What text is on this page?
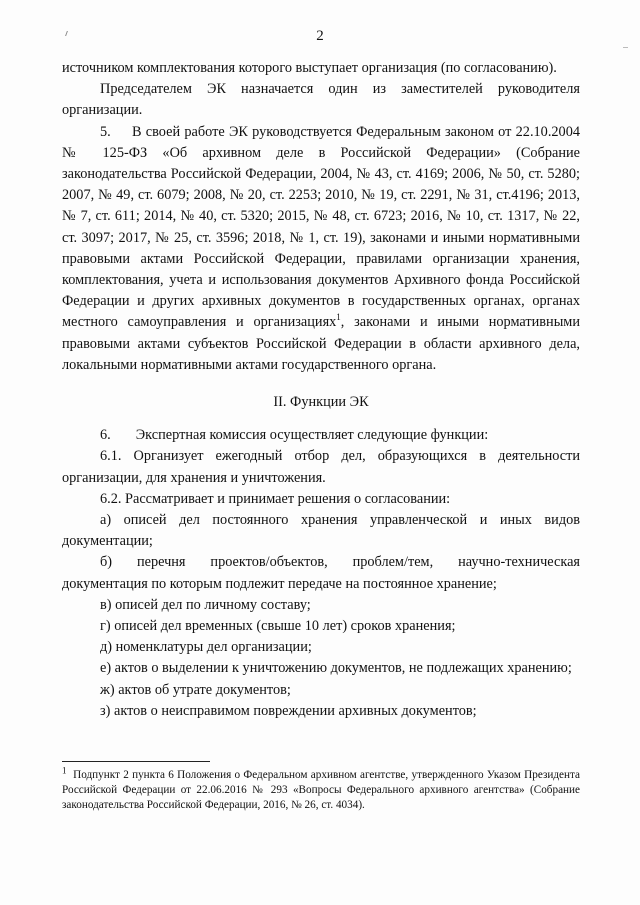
2

источником комплектования которого выступает организация (по согласованию).

Председателем ЭК назначается один из заместителей руководителя организации.

5.     В своей работе ЭК руководствуется Федеральным законом от 22.10.2004 № 125-ФЗ «Об архивном деле в Российской Федерации» (Собрание законодательства Российской Федерации, 2004, № 43, ст. 4169; 2006, № 50, ст. 5280; 2007, № 49, ст. 6079; 2008, № 20, ст. 2253; 2010, № 19, ст. 2291, № 31, ст.4196; 2013, № 7, ст. 611; 2014, № 40, ст. 5320; 2015, № 48, ст. 6723; 2016, № 10, ст. 1317, № 22, ст. 3097; 2017, № 25, ст. 3596; 2018, № 1, ст. 19), законами и иными нормативными правовыми актами Российской Федерации, правилами организации хранения, комплектования, учета и использования документов Архивного фонда Российской Федерации и других архивных документов в государственных органах, органах местного самоуправления и организациях$^1$, законами и иными нормативными правовыми актами субъектов Российской Федерации в области архивного дела, локальными нормативными актами государственного органа.

II. Функции ЭК

6.       Экспертная комиссия осуществляет следующие функции:

6.1. Организует ежегодный отбор дел, образующихся в деятельности организации, для хранения и уничтожения.

6.2. Рассматривает и принимает решения о согласовании:

а) описей дел постоянного хранения управленческой и иных видов документации;

б) перечня проектов/объектов, проблем/тем, научно-техническая документация по которым подлежит передаче на постоянное хранение;

в) описей дел по личному составу;

г) описей дел временных (свыше 10 лет) сроков хранения;

д) номенклатуры дел организации;

е) актов о выделении к уничтожению документов, не подлежащих хранению;

ж) актов об утрате документов;

з) актов о неисправимом повреждении архивных документов;

$^1$ Подпункт 2 пункта 6 Положения о Федеральном архивном агентстве, утвержденного Указом Президента Российской Федерации от 22.06.2016 № 293 «Вопросы Федерального архивного агентства» (Собрание законодательства Российской Федерации, 2016, № 26, ст. 4034).
